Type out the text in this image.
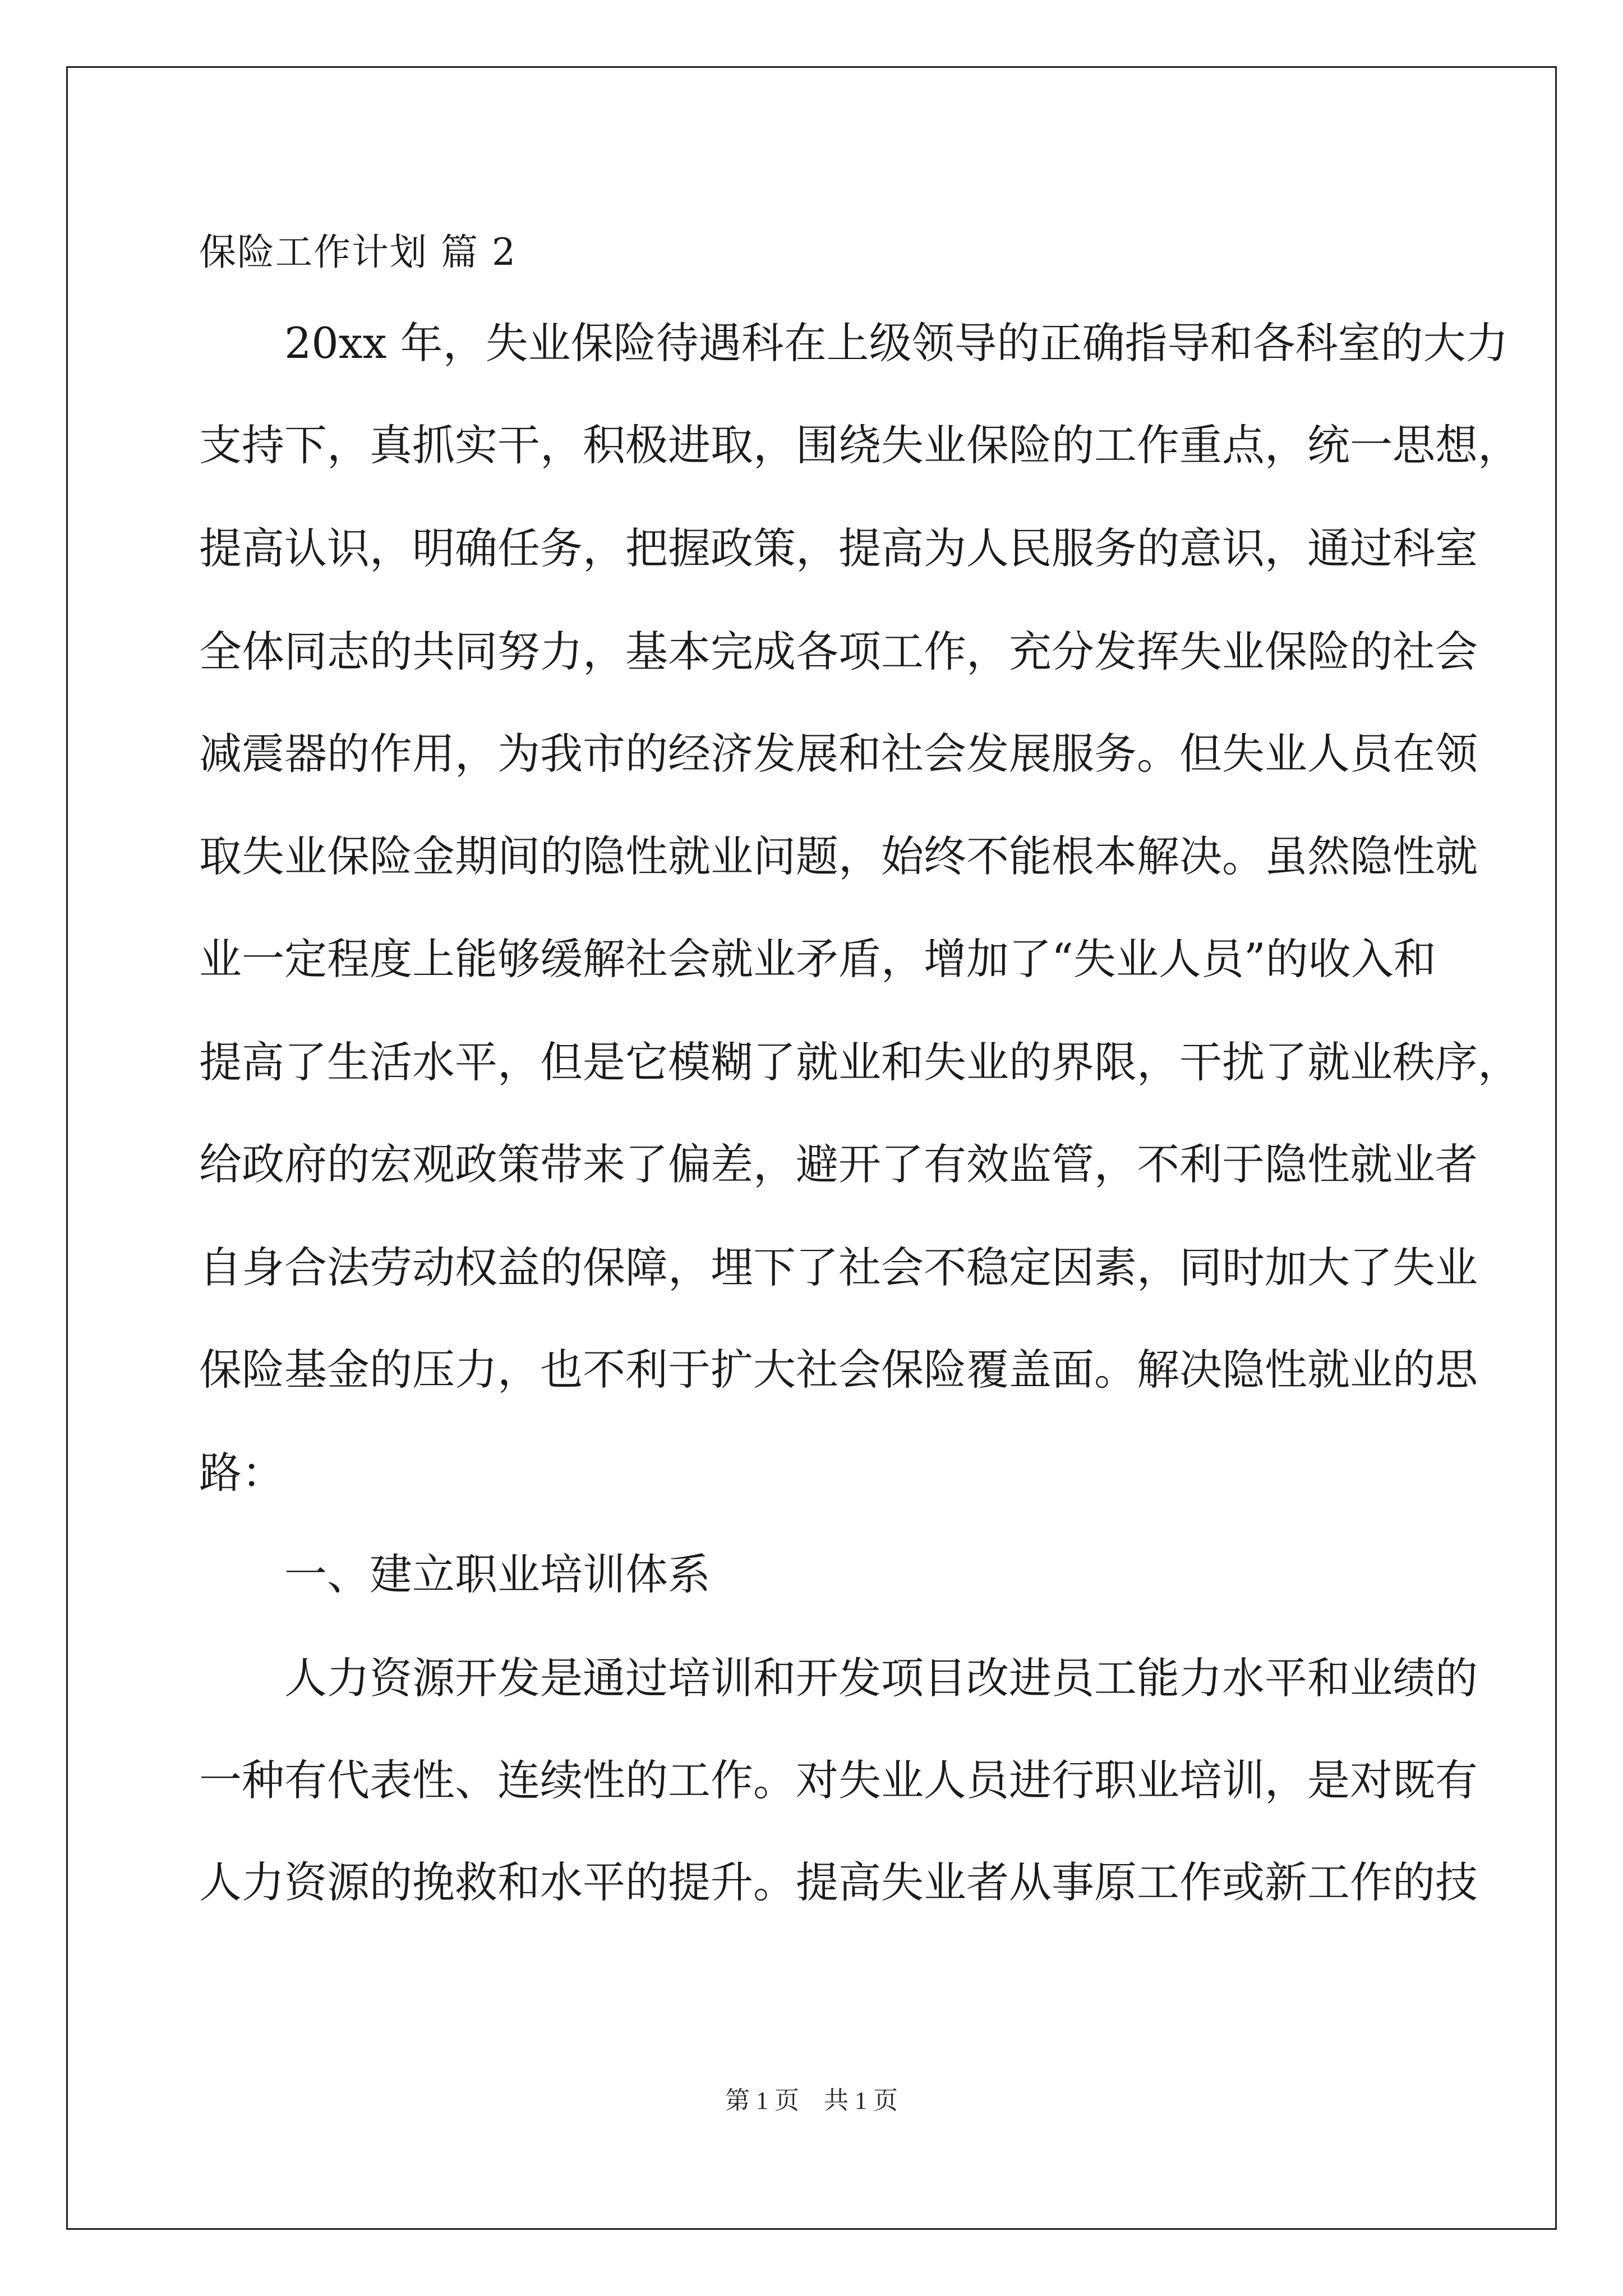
保险工作计划 篇 2
　　20xx 年，失业保险待遇科在上级领导的正确指导和各科室的大力
支持下，真抓实干，积极进取，围绕失业保险的工作重点，统一思想，
提高认识，明确任务，把握政策，提高为人民服务的意识，通过科室
全体同志的共同努力，基本完成各项工作，充分发挥失业保险的社会
减震器的作用，为我市的经济发展和社会发展服务。但失业人员在领
取失业保险金期间的隐性就业问题，始终不能根本解决。虽然隐性就
业一定程度上能够缓解社会就业矛盾，增加了“失业人员”的收入和
提高了生活水平，但是它模糊了就业和失业的界限，干扰了就业秩序，
给政府的宏观政策带来了偏差，避开了有效监管，不利于隐性就业者
自身合法劳动权益的保障，埋下了社会不稳定因素，同时加大了失业
保险基金的压力，也不利于扩大社会保险覆盖面。解决隐性就业的思
路：
　　一、建立职业培训体系
　　人力资源开发是通过培训和开发项目改进员工能力水平和业绩的
一种有代表性、连续性的工作。对失业人员进行职业培训，是对既有
人力资源的挽救和水平的提升。提高失业者从事原工作或新工作的技
第 1 页　共 1 页
